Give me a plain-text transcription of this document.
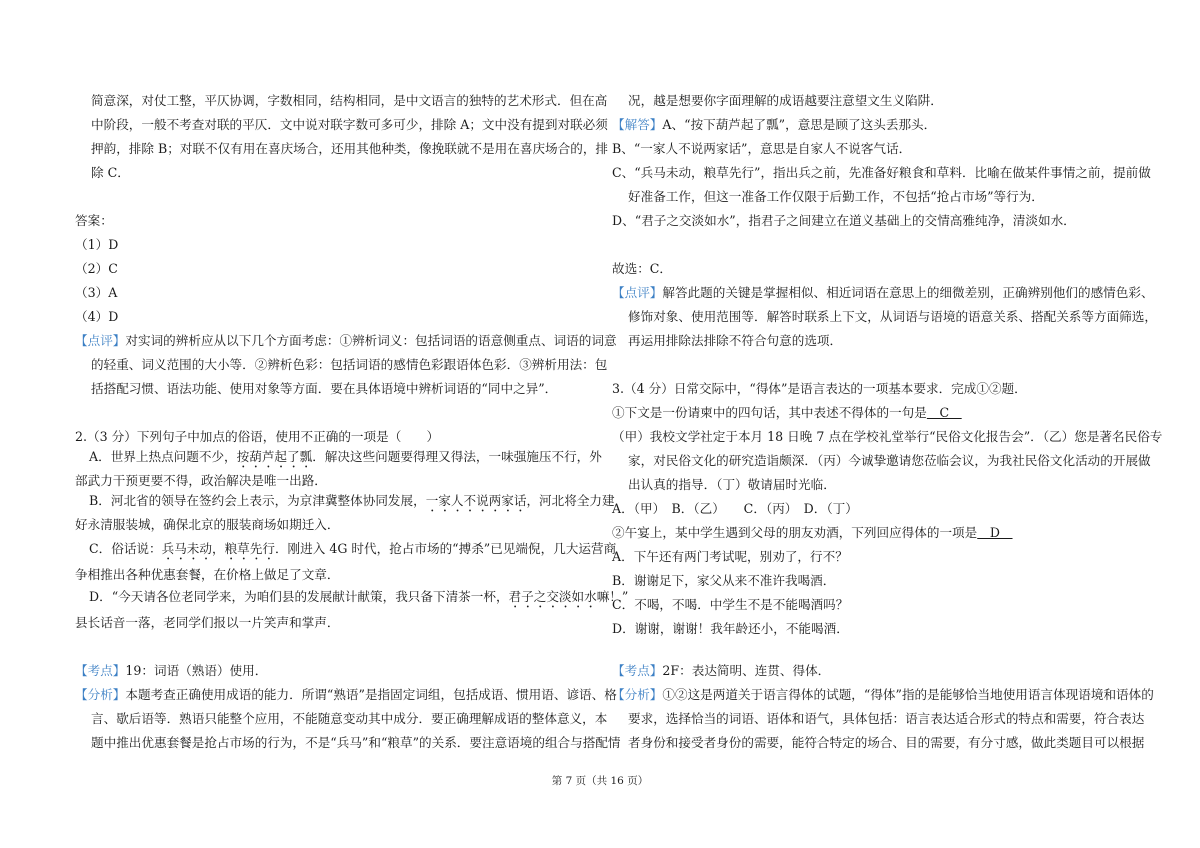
简意深，对仗工整，平仄协调，字数相同，结构相同，是中文语言的独特的艺术形式．但在高
中阶段，一般不考查对联的平仄．文中说对联字数可多可少，排除 A；文中没有提到对联必须
押韵，排除 B；对联不仅有用在喜庆场合，还用其他种类，像挽联就不是用在喜庆场合的，排
除 C．
答案：
（1）D
（2）C
（3）A
（4）D
【点评】对实词的辨析应从以下几个方面考虑：①辨析词义：包括词语的语意侧重点、词语的词意
的轻重、词义范围的大小等．②辨析色彩：包括词语的感情色彩跟语体色彩．③辨析用法：包
括搭配习惯、语法功能、使用对象等方面．要在具体语境中辨析词语的“同中之异”．
2.（3 分）下列句子中加点的俗语，使用不正确的一项是（　　）
A．世界上热点问题不少，按葫芦起了瓢．解决这些问题要得理又得法，一味强施压不行，外
部武力干预更要不得，政治解决是唯一出路．
B．河北省的领导在签约会上表示，为京津冀整体协同发展，一家人不说两家话，河北将全力建
好永清服装城，确保北京的服装商场如期迁入．
C．俗话说：兵马未动，粮草先行．刚进入 4G 时代，抢占市场的“搏杀”已见端倪，几大运营商
争相推出各种优惠套餐，在价格上做足了文章．
D．“今天请各位老同学来，为咱们县的发展献计献策，我只备下清茶一杯，君子之交淡如水嘛！”
县长话音一落，老同学们报以一片笑声和掌声．
【考点】19：词语（熟语）使用．
【分析】本题考查正确使用成语的能力．所谓“熟语”是指固定词组，包括成语、惯用语、谚语、格
言、歇后语等．熟语只能整个应用，不能随意变动其中成分．要正确理解成语的整体意义，本
题中推出优惠套餐是抢占市场的行为，不是“兵马”和“粮草”的关系．要注意语境的组合与搭配情
况，越是想要你字面理解的成语越要注意望文生义陷阱．
【解答】A、“按下葫芦起了瓢”，意思是顾了这头丢那头．
B、“一家人不说两家话”，意思是自家人不说客气话．
C、“兵马未动，粮草先行”，指出兵之前，先准备好粮食和草料．比喻在做某件事情之前，提前做
好准备工作，但这一准备工作仅限于后勤工作，不包括“抢占市场”等行为．
D、“君子之交淡如水”，指君子之间建立在道义基础上的交情高雅纯净，清淡如水．
故选：C．
【点评】解答此题的关键是掌握相似、相近词语在意思上的细微差别，正确辨别他们的感情色彩、
修饰对象、使用范围等．解答时联系上下文，从词语与语境的语意关系、搭配关系等方面筛选，
再运用排除法排除不符合句意的选项．
3.（4 分）日常交际中，“得体”是语言表达的一项基本要求．完成①②题．
①下文是一份请柬中的四句话，其中表述不得体的一句是　C　
（甲）我校文学社定于本月 18 日晚 7 点在学校礼堂举行“民俗文化报告会”．（乙）您是著名民俗专
家，对民俗文化的研究造诣颇深．（丙）今诚挚邀请您莅临会议，为我社民俗文化活动的开展做
出认真的指导．（丁）敬请届时光临．
A．（甲）　B．（乙）　　C．（丙）　D．（丁）
②午宴上，某中学生遇到父母的朋友劝酒，下列回应得体的一项是　D　
A．下午还有两门考试呢，别劝了，行不？
B．谢谢足下，家父从来不准许我喝酒．
C．不喝，不喝．中学生不是不能喝酒吗？
D．谢谢，谢谢！我年龄还小，不能喝酒．
【考点】2F：表达简明、连贯、得体．
【分析】①②这是两道关于语言得体的试题，“得体”指的是能够恰当地使用语言体现语境和语体的
要求，选择恰当的词语、语体和语气，具体包括：语言表达适合形式的特点和需要，符合表达
者身份和接受者身份的需要，能符合特定的场合、目的需要，有分寸感，做此类题目可以根据
第 7 页（共 16 页）
